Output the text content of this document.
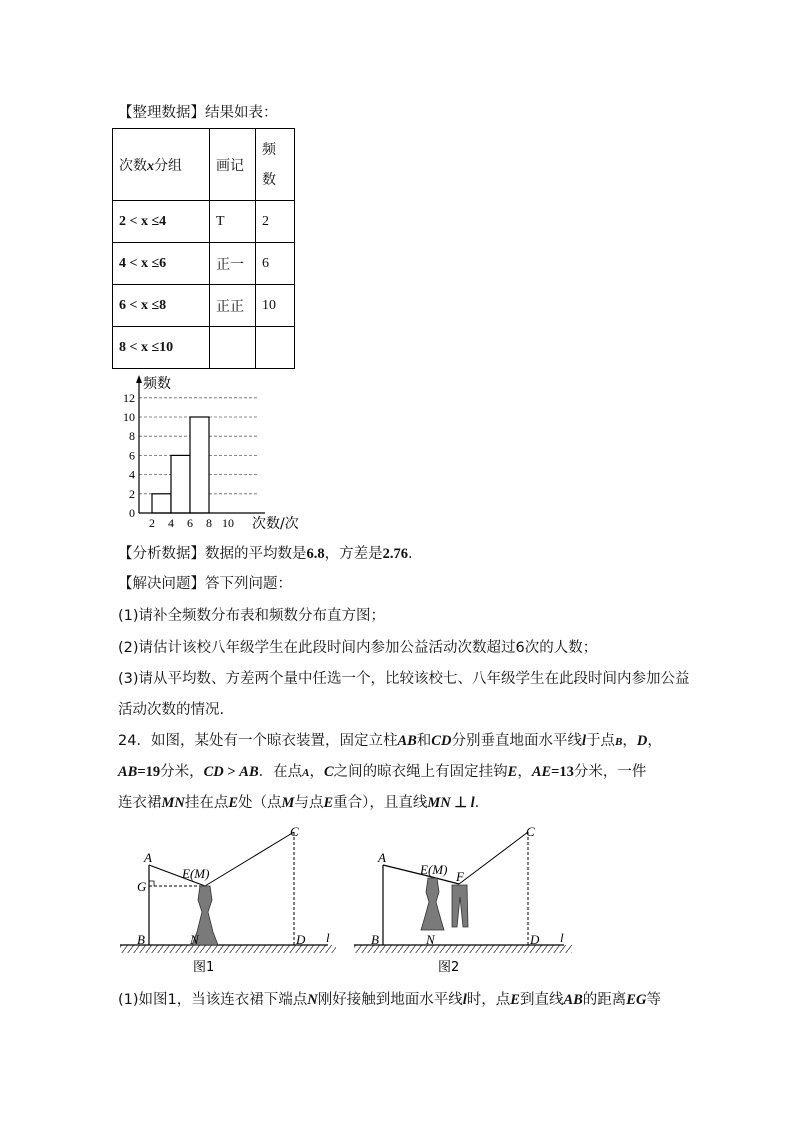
【整理数据】结果如表：
次数x分组	画记	频
数
2 < x ≤4	T	2
4 < x ≤6	正一	6
6 < x ≤8	正正	10
8 < x ≤10		
0
2
4
6
8
10
12
2 4 6 8 10
频数
次数/次
【分析数据】数据的平均数是6.8，方差是2.76.
【解决问题】答下列问题：
(1)请补全频数分布表和频数分布直方图；
(2)请估计该校八年级学生在此段时间内参加公益活动次数超过6次的人数；
(3)请从平均数、方差两个量中任选一个，比较该校七、八年级学生在此段时间内参加公益
活动次数的情况.
24．如图，某处有一个晾衣装置，固定立柱AB和CD分别垂直地面水平线l于点B，D，
AB=19分米，CD > AB．在点A，C之间的晾衣绳上有固定挂钩E，AE=13分米，一件
连衣裙MN挂在点E处（点M与点E重合），且直线MN ⊥ l.
A
G
E(M)
B	N	D
C
l
图1
A
E(M) F
B	N	D
C
l
图2
(1)如图1，当该连衣裙下端点N刚好接触到地面水平线l时，点E到直线AB的距离EG等
